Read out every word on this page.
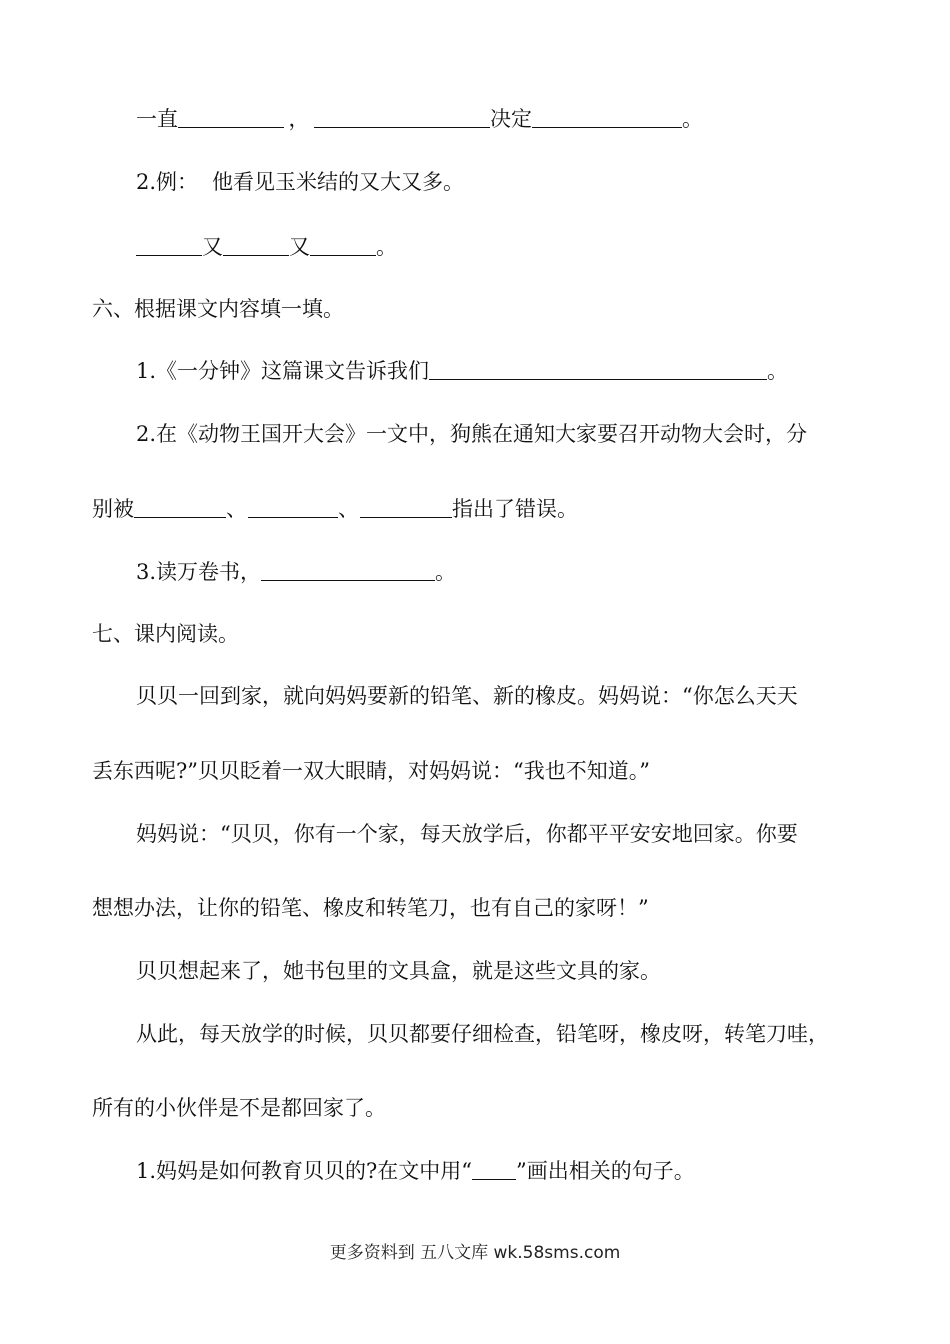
一直	，	决定	。
2.例： 他看见玉米结的又大又多。
又	又	。
六、根据课文内容填一填。
1.《一分钟》这篇课文告诉我们	。
2.在《动物王国开大会》一文中，狗熊在通知大家要召开动物大会时，分
别被	、	、	指出了错误。
3.读万卷书，	。
七、课内阅读。
贝贝一回到家，就向妈妈要新的铅笔、新的橡皮。妈妈说：“你怎么天天
丢东西呢?”贝贝眨着一双大眼睛，对妈妈说：“我也不知道。”
妈妈说：“贝贝，你有一个家，每天放学后，你都平平安安地回家。你要
想想办法，让你的铅笔、橡皮和转笔刀，也有自己的家呀！”
贝贝想起来了，她书包里的文具盒，就是这些文具的家。
从此，每天放学的时候，贝贝都要仔细检查，铅笔呀，橡皮呀，转笔刀哇，
所有的小伙伴是不是都回家了。
1.妈妈是如何教育贝贝的?在文中用“ ”画出相关的句子。
更多资料到 五八文库 wk.58sms.com
